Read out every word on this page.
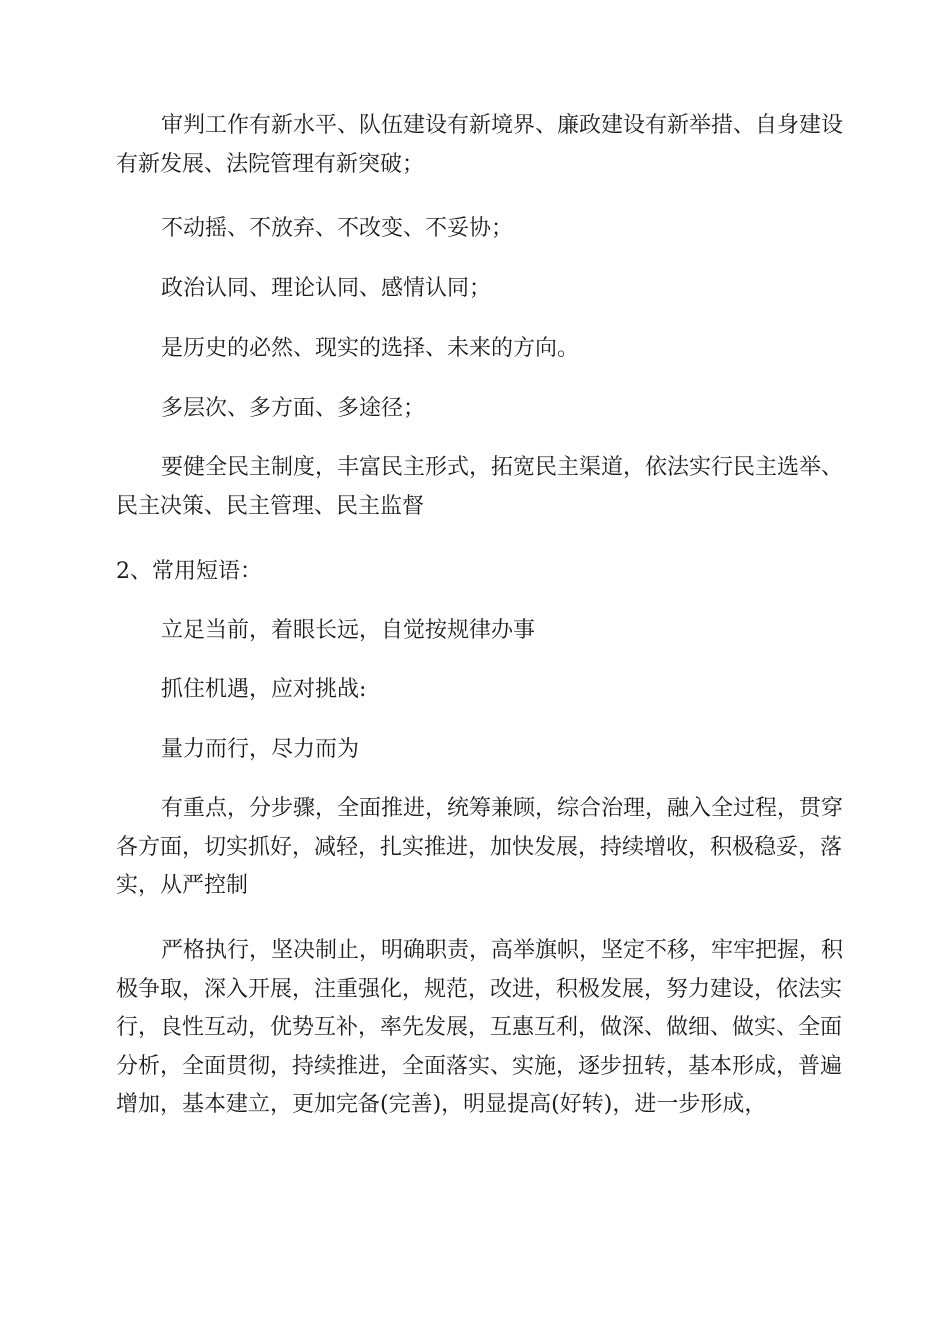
审判工作有新水平、队伍建设有新境界、廉政建设有新举措、自身建设有新发展、法院管理有新突破；

不动摇、不放弃、不改变、不妥协；

政治认同、理论认同、感情认同；

是历史的必然、现实的选择、未来的方向。

多层次、多方面、多途径；

要健全民主制度，丰富民主形式，拓宽民主渠道，依法实行民主选举、民主决策、民主管理、民主监督

2、常用短语：

立足当前，着眼长远，自觉按规律办事

抓住机遇，应对挑战:

量力而行，尽力而为

有重点，分步骤，全面推进，统筹兼顾，综合治理，融入全过程，贯穿各方面，切实抓好，减轻，扎实推进，加快发展，持续增收，积极稳妥，落实，从严控制

严格执行，坚决制止，明确职责，高举旗帜，坚定不移，牢牢把握，积极争取，深入开展，注重强化，规范，改进，积极发展，努力建设，依法实行，良性互动，优势互补，率先发展，互惠互利，做深、做细、做实、全面分析，全面贯彻，持续推进，全面落实、实施，逐步扭转，基本形成，普遍增加，基本建立，更加完备(完善)，明显提高(好转)，进一步形成，
